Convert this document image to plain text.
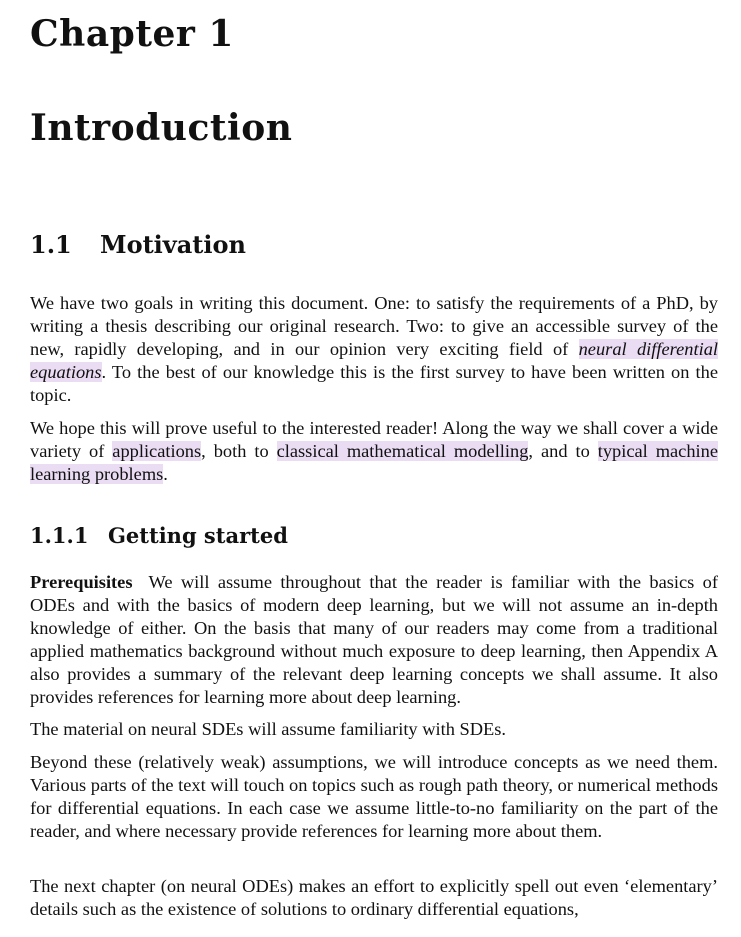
Chapter 1
Introduction
1.1 Motivation

We have two goals in writing this document. One: to satisfy the requirements of a PhD, by writing a thesis describing our original research. Two: to give an accessible survey of the new, rapidly developing, and in our opinion very exciting field of neural differential equations. To the best of our knowledge this is the first survey to have been written on the topic.

We hope this will prove useful to the interested reader! Along the way we shall cover a wide variety of applications, both to classical mathematical modelling, and to typical machine learning problems.

1.1.1 Getting started

Prerequisites We will assume throughout that the reader is familiar with the basics of ODEs and with the basics of modern deep learning, but we will not assume an in-depth knowledge of either. On the basis that many of our readers may come from a traditional applied mathematics background without much exposure to deep learning, then Appendix A also provides a summary of the relevant deep learning concepts we shall assume. It also provides references for learning more about deep learning.

The material on neural SDEs will assume familiarity with SDEs.

Beyond these (relatively weak) assumptions, we will introduce concepts as we need them. Various parts of the text will touch on topics such as rough path theory, or numerical methods for differential equations. In each case we assume little-to-no familiarity on the part of the reader, and where necessary provide references for learning more about them.

The next chapter (on neural ODEs) makes an effort to explicitly spell out even ‘elementary’ details such as the existence of solutions to ordinary differential equations,
